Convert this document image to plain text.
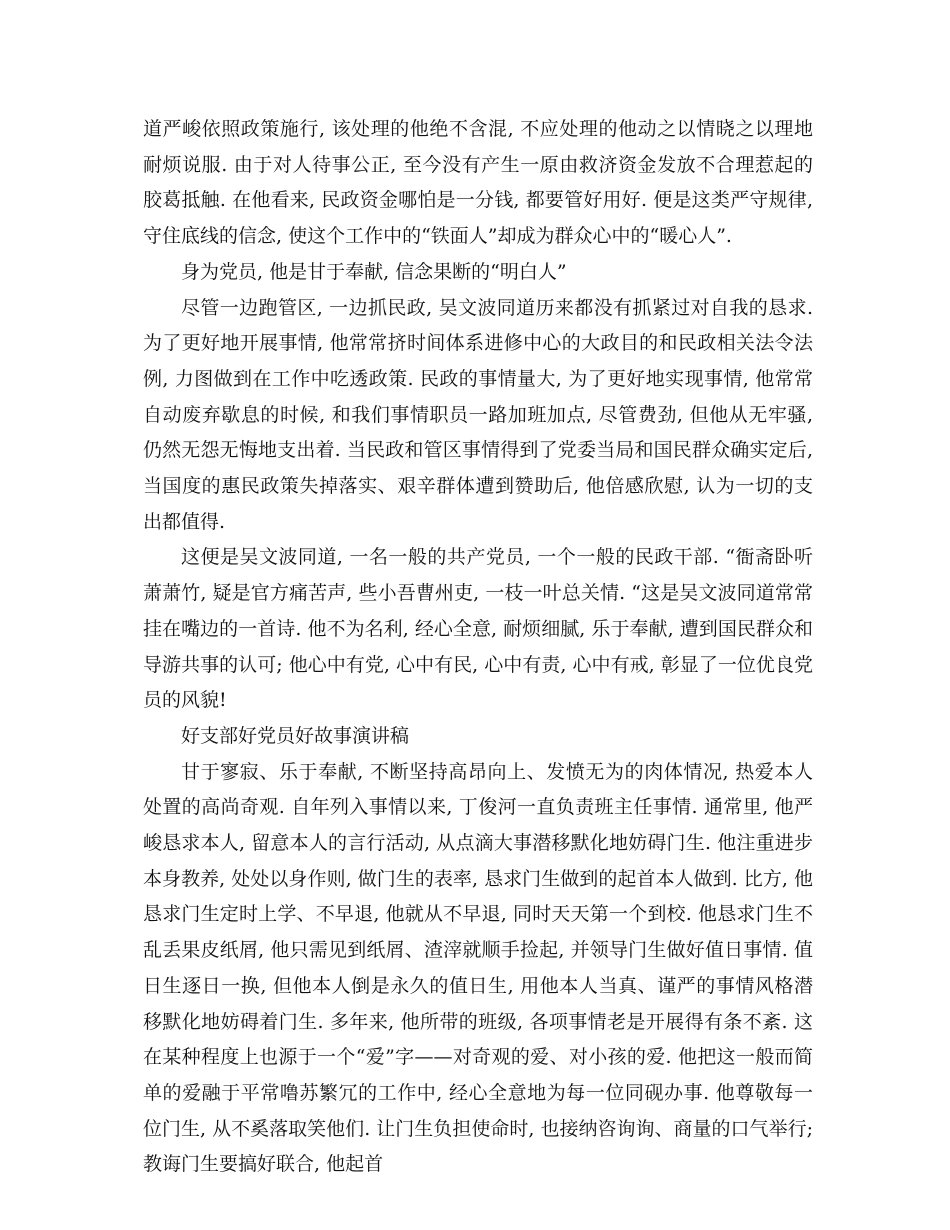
道严峻依照政策施行, 该处理的他绝不含混, 不应处理的他动之以情晓之以理地耐烦说服. 由于对人待事公正, 至今没有产生一原由救济资金发放不合理惹起的胶葛抵触. 在他看来, 民政资金哪怕是一分钱, 都要管好用好. 便是这类严守规律, 守住底线的信念, 使这个工作中的“铁面人”却成为群众心中的“暖心人”.

身为党员, 他是甘于奉献, 信念果断的“明白人”

尽管一边跑管区, 一边抓民政, 吴文波同道历来都没有抓紧过对自我的恳求. 为了更好地开展事情, 他常常挤时间体系进修中心的大政目的和民政相关法令法例, 力图做到在工作中吃透政策. 民政的事情量大, 为了更好地实现事情, 他常常自动废弃歇息的时候, 和我们事情职员一路加班加点, 尽管费劲, 但他从无牢骚, 仍然无怨无悔地支出着. 当民政和管区事情得到了党委当局和国民群众确实定后, 当国度的惠民政策失掉落实、艰辛群体遭到赞助后, 他倍感欣慰, 认为一切的支出都值得.

这便是吴文波同道, 一名一般的共产党员, 一个一般的民政干部. “衙斋卧听萧萧竹, 疑是官方痛苦声, 些小吾曹州吏, 一枝一叶总关情. “这是吴文波同道常常挂在嘴边的一首诗. 他不为名利, 经心全意, 耐烦细腻, 乐于奉献, 遭到国民群众和导游共事的认可; 他心中有党, 心中有民, 心中有责, 心中有戒, 彰显了一位优良党员的风貌!

好支部好党员好故事演讲稿

甘于寥寂、乐于奉献, 不断坚持高昂向上、发愤无为的肉体情况, 热爱本人处置的高尚奇观. 自年列入事情以来, 丁俊河一直负责班主任事情. 通常里, 他严峻恳求本人, 留意本人的言行活动, 从点滴大事潜移默化地妨碍门生. 他注重进步本身教养, 处处以身作则, 做门生的表率, 恳求门生做到的起首本人做到. 比方, 他恳求门生定时上学、不早退, 他就从不早退, 同时天天第一个到校. 他恳求门生不乱丢果皮纸屑, 他只需见到纸屑、渣滓就顺手捡起, 并领导门生做好值日事情. 值日生逐日一换, 但他本人倒是永久的值日生, 用他本人当真、谨严的事情风格潜移默化地妨碍着门生. 多年来, 他所带的班级, 各项事情老是开展得有条不紊. 这在某种程度上也源于一个“爱”字——对奇观的爱、对小孩的爱. 他把这一般而简单的爱融于平常噜苏繁冗的工作中, 经心全意地为每一位同砚办事. 他尊敬每一位门生, 从不奚落取笑他们. 让门生负担使命时, 也接纳咨询询、商量的口气举行; 教诲门生要搞好联合, 他起首
